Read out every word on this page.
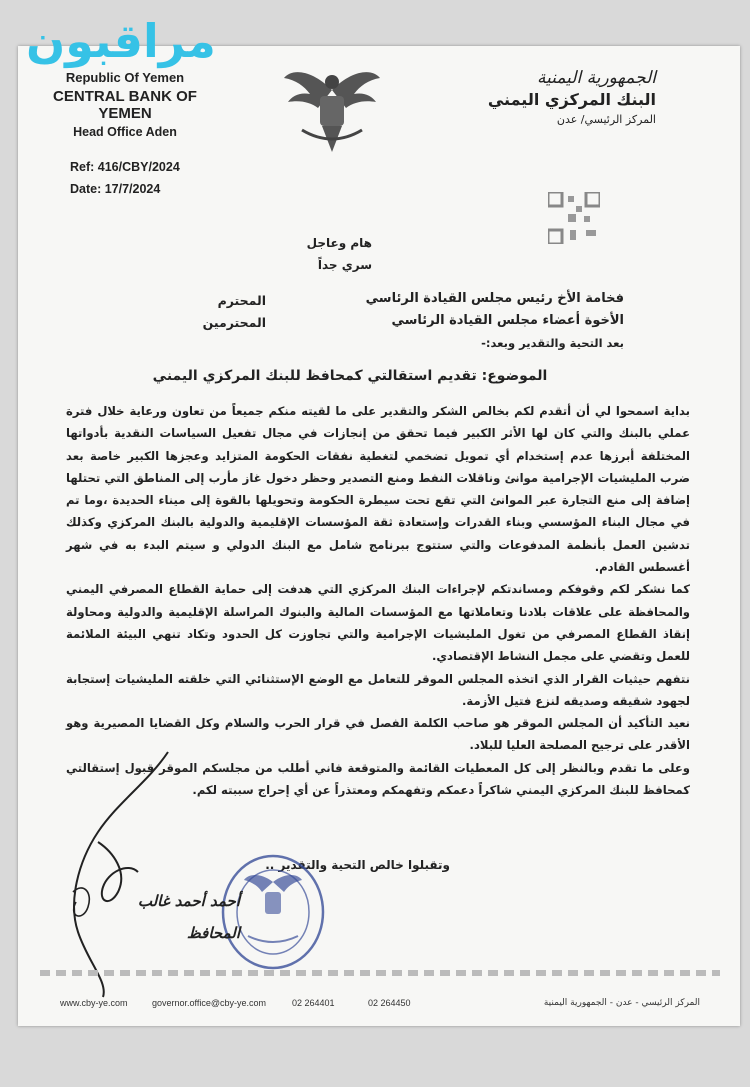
مراقبون
Republic Of Yemen
CENTRAL BANK OF YEMEN
Head Office Aden
Ref: 416/CBY/2024
Date: 17/7/2024
الجمهورية اليمنية
البنك المركزي اليمني
المركز الرئيسي/ عدن
هام وعاجل
سري جداً
فخامة الأخ رئيس مجلس القيادة الرئاسي
الأخوة أعضاء مجلس القيادة الرئاسي
بعد التحية والتقدير وبعد:-
المحترم
المحترمين
الموضوع: تقديم استقالتي كمحافظ للبنك المركزي اليمني

بداية اسمحوا لي أن أتقدم لكم بخالص الشكر والتقدير على ما لقيته منكم جميعاً من تعاون ورعاية خلال فترة عملي بالبنك والتي كان لها الأثر الكبير فيما تحقق من إنجازات في مجال تفعيل السياسات النقدية بأدواتها المختلفة أبرزها عدم إستخدام أي تمويل تضخمي لتغطية نفقات الحكومة المتزايد وعجزها الكبير خاصة بعد ضرب المليشيات الإجرامية موانئ وناقلات النفط ومنع التصدير وحظر دخول غاز مأرب إلى المناطق التي تحتلها إضافة إلى منع التجارة عبر الموانئ التي تقع تحت سيطرة الحكومة وتحويلها بالقوة إلى ميناء الحديدة ،وما تم في مجال البناء المؤسسي وبناء القدرات وإستعادة ثقة المؤسسات الإقليمية والدولية بالبنك المركزي وكذلك تدشين العمل بأنظمة المدفوعات والتي ستتوج ببرنامج شامل مع البنك الدولي و سيتم البدء به في شهر أغسطس القادم.

كما نشكر لكم وقوفكم ومساندتكم لإجراءات البنك المركزي التي هدفت إلى حماية القطاع المصرفي اليمني والمحافظة على علاقات بلادنا وتعاملاتها مع المؤسسات المالية والبنوك المراسلة الإقليمية والدولية ومحاولة إنقاذ القطاع المصرفي من تغول المليشيات الإجرامية والتي تجاوزت كل الحدود وتكاد تنهي البيئة الملائمة للعمل وتقضي على مجمل النشاط الإقتصادي.

نتفهم حيثيات القرار الذي اتخذه المجلس الموقر للتعامل مع الوضع الإستثنائي التي خلقته المليشيات إستجابة لجهود شقيقه وصديقه لنزع فتيل الأزمة.

نعيد التأكيد أن المجلس الموقر هو صاحب الكلمة الفصل في قرار الحرب والسلام وكل القضايا المصيرية وهو الأقدر على ترجيح المصلحة العليا للبلاد.

وعلى ما تقدم وبالنظر إلى كل المعطيات القائمة والمتوقعة فاني أطلب من مجلسكم الموقر قبول إستقالتي كمحافظ للبنك المركزي اليمني شاكراً دعمكم وتفهمكم ومعتذراً عن أي إحراج سببته لكم.

وتقبلوا خالص التحية والتقدير ..
أحمد أحمد غالب
المحافظ
www.cby-ye.com	governor.office@cby-ye.com	02 264401	02 264450	المركز الرئيسي - عدن - الجمهورية اليمنية
